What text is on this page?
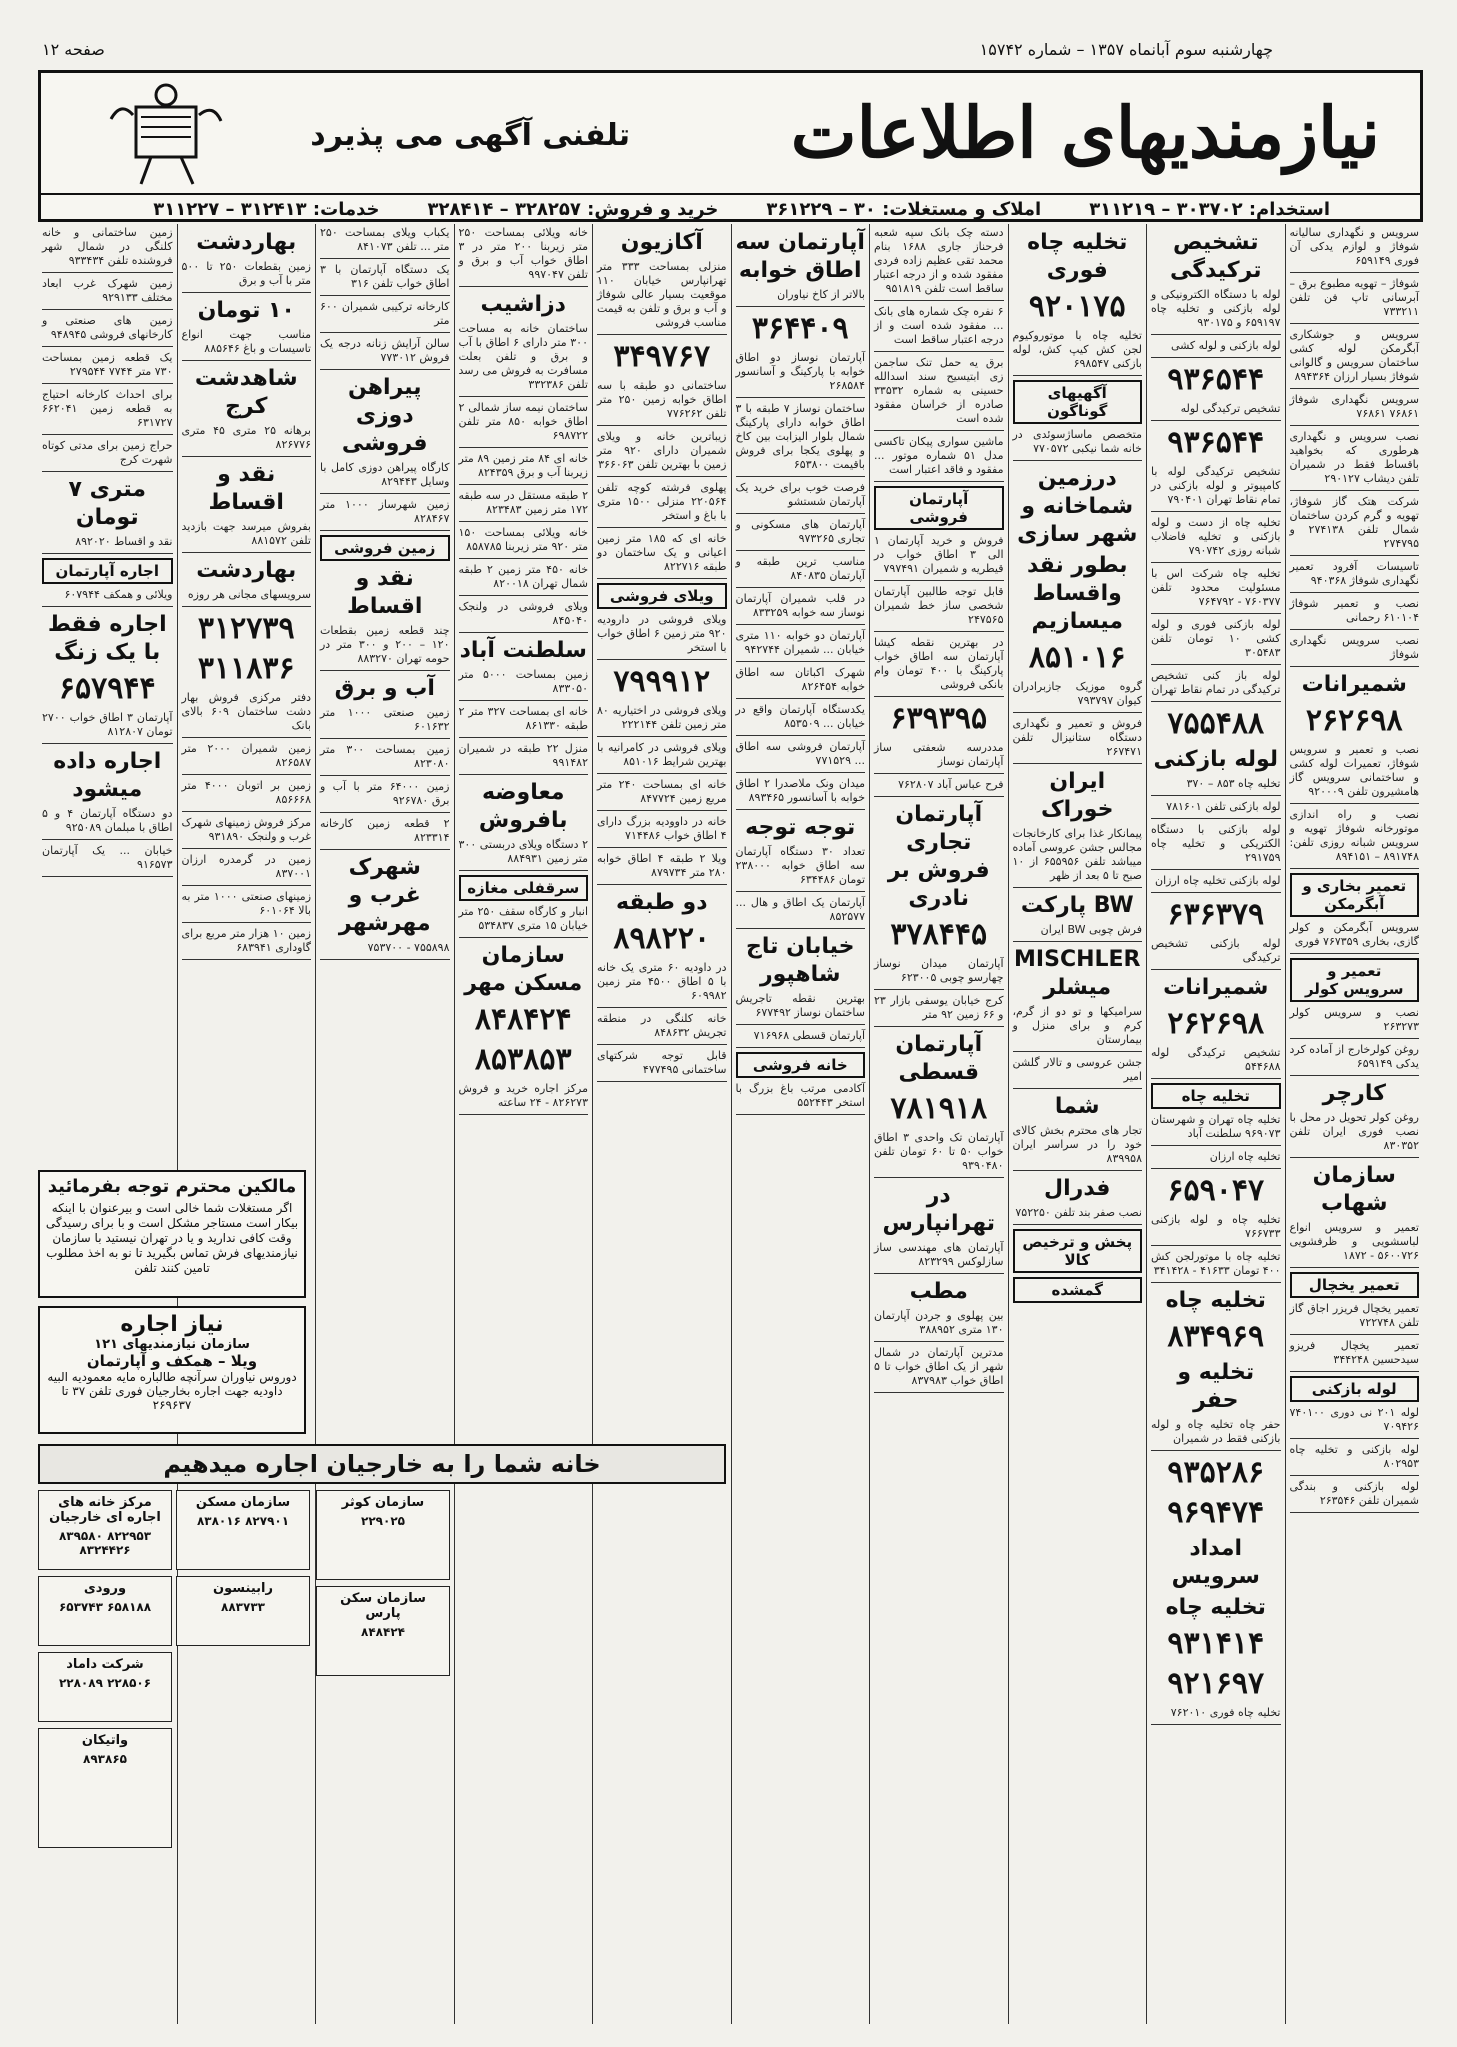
صفحه ۱۲	چهارشنبه سوم آبانماه ۱۳۵۷ – شماره ۱۵۷۴۲
نیازمندیهای اطلاعات
تلفنی آگهی می پذیرد
استخدام: ۳۰۳۷۰۲ – ۳۱۱۲۱۹
املاک و مستغلات: ۳۰ – ۳۶۱۲۲۹
خرید و فروش: ۳۲۸۲۵۷ – ۳۲۸۴۱۴
خدمات: ۳۱۲۴۱۳ – ۳۱۱۲۲۷
سرویس و نگهداری سالیانه شوفاژ و لوازم یدکی آن فوری ۶۵۹۱۴۹
شوفاژ – تهویه مطبوع برق – آبرسانی تاپ فن تلفن ۷۳۳۲۱۱
سرویس و جوشکاری آبگرمکن لوله کشی ساختمان سرویس و گالوانی شوفاژ بسیار ارزان ۸۹۴۳۶۴
سرویس نگهداری شوفاژ ۷۶۸۶۱ ۷۶۸۶۱
نصب سرویس و نگهداری هرطوری که بخواهید باقساط فقط در شمیران تلفن دیشاب ۲۹۰۱۲۷
شرکت هتک گاز شوفاژ، تهویه و گرم کردن ساختمان شمال تلفن ۲۷۴۱۳۸ و ۲۷۴۷۹۵
تاسیسات آفرود تعمیر نگهداری شوفاژ ۹۴۰۳۶۸
نصب و تعمیر شوفاژ ۶۱۰۱۰۴ رحمانی
نصب سرویس نگهداری شوفاژ
شمیرانات
۲۶۲۶۹۸
نصب و تعمیر و سرویس شوفاژ، تعمیرات لوله کشی و ساختمانی سرویس گاز هامشیرون تلفن ۹۲۰۰۰۹
نصب و راه اندازی موتورخانه شوفاژ تهویه و سرویس شبانه روزی تلفن: ۸۹۱۷۴۸ – ۸۹۴۱۵۱
تعمیر بخاری و آبگرمکن
سرویس آبگرمکن و کولر گازی، بخاری ۷۶۷۳۵۹ فوری
تعمیر و سرویس کولر
نصب و سرویس کولر ۲۶۳۲۷۳
روغن کولرخارج از آماده کرد یدکی ۶۵۹۱۴۹
کارچر
روغن کولر تحویل در محل با نصب فوری ایران تلفن ۸۳۰۳۵۲
سازمان شهاب
تعمیر و سرویس انواع لباسشویی و ظرفشویی ۵۶۰۰۷۲۶ - ۱۸۷۲
تعمیر یخچال
تعمیر یخچال فریزر اجاق گاز تلفن ۷۲۲۷۴۸
تعمیر یخچال فریزو سیدحسین ۳۴۴۲۴۸
لوله بازکنی
لوله ۲۰۱ نی دوری ۷۴۰۱۰۰ ۷۰۹۴۲۶
لوله بازکنی و تخلیه چاه ۸۰۲۹۵۳
لوله بازکنی و بندگی شمیران تلفن ۲۶۳۵۴۶
تشخیص ترکیدگی
لوله با دستگاه الکترونیکی و لوله بازکنی و تخلیه چاه ۶۵۹۱۹۷ و ۹۳۰۱۷۵
لوله بازکنی و لوله کشی
۹۳۶۵۴۴
تشخیص ترکیدگی لوله
۹۳۶۵۴۴
تشخیص ترکیدگی لوله با کامپیوتر و لوله بازکنی در تمام نقاط تهران ۷۹۰۴۰۱
تخلیه چاه از دست و لوله بازکنی و تخلیه فاضلاب شبانه روزی ۷۹۰۷۴۲
تخلیه چاه شرکت اس با مسئولیت محدود تلفن ۷۶۰۳۷۷ - ۷۶۴۷۹۲
لوله بازکنی فوری و لوله کشی ۱۰ تومان تلفن ۳۰۵۴۸۳
لوله باز کنی تشخیص ترکیدگی در تمام نقاط تهران
۷۵۵۴۸۸
لوله بازکنی
تخلیه چاه ۸۵۳ – ۳۷۰
لوله بازکنی تلفن ۷۸۱۶۰۱
لوله بازکنی با دستگاه الکتریکی و تخلیه چاه ۲۹۱۷۵۹
لوله بازکنی تخلیه چاه ارزان
۶۳۶۳۷۹
لوله بازکنی تشخیص ترکیدگی
شمیرانات
۲۶۲۶۹۸
تشخیص ترکیدگی لوله ۵۴۴۶۸۸
تخلیه چاه
تخلیه چاه تهران و شهرستان ۹۶۹۰۷۳ سلطنت آباد
تخلیه چاه ارزان
۶۵۹۰۴۷
تخلیه چاه و لوله بازکنی ۷۶۶۷۳۳
تخلیه چاه با موتورلجن کش ۴۰۰ تومان ۴۱۶۳۳ - ۳۴۱۴۲۸
تخلیه چاه
۸۳۴۹۶۹
تخلیه و حفر
حفر چاه تخلیه چاه و لوله بازکنی فقط در شمیران
۹۳۵۲۸۶
۹۶۹۴۷۴
امداد سرویس
تخلیه چاه
۹۳۱۴۱۴
۹۲۱۶۹۷
تخلیه چاه فوری ۷۶۲۰۱۰
تخلیه چاه فوری
۹۲۰۱۷۵
تخلیه چاه با موتوروکیوم لجن کش کیپ کش، لوله بازکنی ۶۹۸۵۴۷
آگهیهای گوناگون
متخصص ماساژسوئدی در خانه شما نیکبی ۷۷۰۵۷۲
درزمین شماخانه و شهر سازی
بطور نقد واقساط میسازیم
۸۵۱۰۱۶
گروه موزیک جازبرادران کیوان ۷۹۳۷۹۷
فروش و تعمیر و نگهداری دستگاه ستانیزال تلفن ۲۶۷۴۷۱
ایران خوراک
پیمانکار غذا برای کارخانجات مجالس جشن عروسی آماده میباشد تلفن ۶۵۵۹۵۶ از ۱۰ صبح تا ۵ بعد از ظهر
BW پارکت
فرش چوبی BW ایران
MISCHLER میشلر
سرامیکها و تو دو از گرم، کرم و برای منزل و بیمارستان
جشن عروسی و تالار گلشن امیر
شما
تجار های محترم بخش کالای خود را در سراسر ایران ۸۳۹۹۵۸
فدرال
نصب صفر بند تلفن ۷۵۲۲۵۰
پخش و ترخیص کالا
گمشده
دسته چک بانک سپه شعبه فرحناز جاری ۱۶۸۸ بنام محمد تقی عظیم زاده فردی مفقود شده و از درجه اعتبار ساقط است تلفن ۹۵۱۸۱۹
۶ نفره چک شماره های بانک ... مفقود شده است و از درجه اعتبار ساقط است
برق یه حمل تنک ساجمن زی ابتیسیح سند اسدالله حسینی به شماره ۳۳۵۳۲ صادره از خراسان مفقود شده است
ماشین سواری پیکان تاکسی مدل ۵۱ شماره موتور ... مفقود و فاقد اعتبار است
آپارتمان فروشی
فروش و خرید آپارتمان ۱ الی ۳ اطاق خواب در قیطریه و شمیران ۷۹۷۴۹۱
قابل توجه طالبین آپارتمان شخصی ساز خط شمیران ۲۴۷۵۶۵
در بهترین نقطه کیشا آپارتمان سه اطاق خواب پارکینگ با ۴۰۰ تومان وام بانکی فروشی
۶۳۹۳۹۵
مددرسه شعفتی ساز آپارتمان نوساز
فرح عباس آباد ۷۶۲۸۰۷
آپارتمان تجاری فروش بر نادری
۳۷۸۴۴۵
آپارتمان میدان نوساز چهارسو چوبی ۶۲۳۰۰۵
کرج خیابان یوسفی بازار ۲۳ و ۶۶ زمین ۹۲ متر
آپارتمان قسطی
۷۸۱۹۱۸
آپارتمان تک واحدی ۳ اطاق خواب ۵۰ تا ۶۰ تومان تلفن ۹۳۹۰۴۸۰
در تهرانپارس
آپارتمان های مهندسی ساز سازلوکس ۸۲۳۲۹۹
مطب
بین پهلوی و جردن آپارتمان ۱۳۰ متری ۳۸۸۹۵۲
مدترین آپارتمان در شمال شهر از یک اطاق خواب تا ۵ اطاق خواب ۸۳۷۹۸۳
آپارتمان سه اطاق خوابه
بالاتر از کاخ نیاوران
۳۶۴۴۰۹
آپارتمان نوساز دو اطاق خوابه با پارکینگ و آسانسور ۲۶۸۵۸۴
ساختمان نوساز ۷ طبقه با ۳ اطاق خوابه دارای پارکینگ شمال بلوار الیزابت بین کاخ و پهلوی یکجا برای فروش باقیمت ۶۵۳۸۰۰
فرصت خوب برای خرید یک آپارتمان شستشو
آپارتمان های مسکونی و تجاری ۹۷۳۲۶۵
مناسب ترین طبقه و آپارتمان ۸۴۰۸۳۵
در قلب شمیران آپارتمان نوساز سه خوابه ۸۳۳۲۵۹
آپارتمان دو خوابه ۱۱۰ متری خیابان ... شمیران ۹۴۲۷۴۴
شهرک اکباتان سه اطاق خوابه ۸۲۶۴۵۴
یکدستگاه آپارتمان واقع در خیابان ... ۸۵۳۵۰۹
آپارتمان فروشی سه اطاق ... ۷۷۱۵۲۹
میدان ونک ملاصدرا ۲ اطاق خوابه با آسانسور ۸۹۳۴۶۵
توجه توجه
تعداد ۳۰ دستگاه آپارتمان سه اطاق خوابه ۲۳۸۰۰۰ تومان ۶۳۴۴۸۶
آپارتمان یک اطاق و هال ... ۸۵۲۵۷۷
خیابان تاج شاهپور
بهترین نقطه تاجریش ساختمان نوساز ۶۷۷۴۹۲
آپارتمان قسطی ۷۱۶۹۶۸
خانه فروشی
آکادمی مرتب باغ بزرگ با استخر ۵۵۲۴۴۳
آکازیون
منزلی بمساحت ۳۳۳ متر تهرانپارس خیابان ۱۱۰ موقعیت بسیار عالی شوفاژ و آب و برق و تلفن به قیمت مناسب فروشی
۳۴۹۷۶۷
ساختمانی دو طبقه با سه اطاق خوابه زمین ۲۵۰ متر تلفن ۷۷۶۲۶۲
زیباترین خانه و ویلای شمیران دارای ۹۲۰ متر زمین با بهترین تلفن ۳۶۶۰۶۳
پهلوی فرشته کوچه تلفن ۲۲۰۵۶۴ منزلی ۱۵۰۰ متری با باغ و استخر
خانه ای که ۱۸۵ متر زمین اعیانی و یک ساختمان دو طبقه ۸۲۲۷۱۶
ویلای فروشی
ویلای فروشی در دارودیه ۹۲۰ متر زمین ۶ اطاق خواب با استخر
۷۹۹۹۱۲
ویلای فروشی در اختیاریه ۸۰ متر زمین تلفن ۲۲۲۱۴۴
ویلای فروشی در کامرانیه با بهترین شرایط ۸۵۱۰۱۶
خانه ای بمساحت ۲۴۰ متر مربع زمین ۸۴۷۷۲۴
خانه در داوودیه بزرگ دارای ۴ اطاق خواب ۷۱۴۴۸۶
ویلا ۲ طبقه ۴ اطاق خوابه ۲۸۰ متر ۸۷۹۷۳۴
دو طبقه
۸۹۸۲۲۰
در داودیه ۶۰ متری یک خانه با ۵ اطاق ۴۵۰۰ متر زمین ۶۰۹۹۸۲
خانه کلنگی در منطقه تجریش ۸۴۸۶۳۲
قابل توجه شرکتهای ساختمانی ۴۷۷۴۹۵
خانه ویلائی بمساحت ۲۵۰ متر زیربنا ۲۰۰ متر در ۳ اطاق خواب آب و برق و تلفن ۹۹۷۰۴۷
دزاشیب
ساختمان خانه به مساحت ۳۰۰ متر دارای ۶ اطاق با آب و برق و تلفن بعلت مسافرت به فروش می رسد تلفن ۳۳۲۳۸۶
ساختمان نیمه ساز شمالی ۲ اطاق خوابه ۸۵۰ متر تلفن ۶۹۸۷۲۲
خانه ای ۸۴ متر زمین ۸۹ متر زیربنا آب و برق ۸۲۴۳۵۹
۲ طبقه مستقل در سه طبقه ۱۷۲ متر زمین ۸۲۳۴۸۳
خانه ویلائی بمساحت ۱۵۰ متر ۹۲۰ متر زیربنا ۸۵۸۷۸۵
خانه ۴۵۰ متر زمین ۲ طبقه شمال تهران ۸۲۰۰۱۸
ویلای فروشی در ولنجک ۸۴۵۰۴۰
سلطنت آباد
زمین بمساحت ۵۰۰۰ متر ۸۳۳۰۵۰
خانه ای بمساحت ۳۲۷ متر ۲ طبقه ۸۶۱۳۳۰
منزل ۲۲ طبقه در شمیران ۹۹۱۴۸۲
معاوضه بافروش
۲ دستگاه ویلای دربستی ۳۰۰ متر زمین ۸۸۴۹۳۱
سرقفلی مغازه
انبار و کارگاه سقف ۲۵۰ متر خیابان ۱۵ متری ۵۳۴۸۳۷
سازمان مسکن مهر
۸۴۸۴۲۴
۸۵۳۸۵۳
مرکز اجاره خرید و فروش ۸۲۶۲۷۳ - ۲۴ ساعته
یکباب ویلای بمساحت ۲۵۰ متر ... تلفن ۸۴۱۰۷۳
یک دستگاه آپارتمان با ۳ اطاق خواب تلفن ۳۱۶
کارخانه ترکیبی شمیران ۶۰۰ متر
سالن آرایش زنانه درجه یک فروش ۷۷۳۰۱۲
پیراهن دوزی فروشی
کارگاه پیراهن دوزی کامل با وسایل ۸۲۹۴۴۳
زمین شهرساز ۱۰۰۰ متر ۸۲۸۴۶۷
زمین فروشی
نقد و اقساط
چند قطعه زمین بقطعات ۱۲۰ – ۲۰۰ و ۳۰۰ متر در حومه تهران ۸۸۳۲۷۰
آب و برق
زمین صنعتی ۱۰۰۰ متر ۶۰۱۶۳۲
زمین بمساحت ۳۰۰ متر ۸۲۳۰۸۰
زمین ۶۴۰۰۰ متر با آب و برق ۹۲۶۷۸۰
۲ قطعه زمین کارخانه ۸۲۳۳۱۴
شهرک غرب و مهرشهر
۷۵۵۸۹۸ - ۷۵۳۷۰۰
بهاردشت
زمین بقطعات ۲۵۰ تا ۵۰۰ متر با آب و برق
۱۰ تومان
مناسب جهت انواع تاسیسات و باغ ۸۸۵۶۴۶
شاهدشت کرج
برهانه ۲۵ متری ۴۵ متری ۸۲۶۷۷۶
نقد و اقساط
بفروش میرسد جهت بازدید تلفن ۸۸۱۵۷۲
بهاردشت
سرویسهای مجانی هر روزه
۳۱۲۷۳۹
۳۱۱۸۳۶
دفتر مرکزی فروش بهار دشت ساختمان ۶۰۹ بالای بانک
زمین شمیران ۲۰۰۰ متر ۸۲۶۵۸۷
زمین بر اتوبان ۴۰۰۰ متر ۸۵۶۶۶۸
مرکز فروش زمینهای شهرک غرب و ولنجک ۹۳۱۸۹۰
زمین در گرمدره ارزان ۸۳۷۰۰۱
زمینهای صنعتی ۱۰۰۰ متر به بالا ۶۰۱۰۶۴
زمین ۱۰ هزار متر مربع برای گاوداری ۶۸۳۹۴۱
زمین ساختمانی و خانه کلنگی در شمال شهر فروشنده تلفن ۹۳۳۴۳۴
زمین شهرک غرب ابعاد مختلف ۹۲۹۱۳۳
زمین های صنعتی و کارخانهای فروشی ۹۴۸۹۴۵
یک قطعه زمین بمساحت ۷۳۰ متر ۷۷۴۴ ۲۷۹۵۴۴
برای احداث کارخانه احتیاج به قطعه زمین ۶۶۲۰۴۱ ۶۳۱۷۲۷
حراج زمین برای مدتی کوتاه شهرت کرج
متری ۷ تومان
نقد و اقساط ۸۹۲۰۲۰
اجاره آپارتمان
ویلائی و همکف ۶۰۷۹۴۴
اجاره فقط با یک زنگ
۶۵۷۹۴۴
آپارتمان ۳ اطاق خواب ۲۷۰۰ تومان ۸۱۲۸۰۷
اجاره داده میشود
دو دستگاه آپارتمان ۴ و ۵ اطاق با مبلمان ۹۲۵۰۸۹
خیابان ... یک آپارتمان ۹۱۶۵۷۳
مالکین محترم توجه بفرمائید
اگر مستغلات شما خالی است و بیرعنوان با اینکه بیکار است مستاجر مشکل است و با برای رسیدگی وقت کافی ندارید و یا در تهران نیستید با سازمان نیازمندیهای فرش تماس بگیرید تا نو به اخذ مطلوب تامین کنند تلفن
نیاز اجاره
سازمان نیازمندیهای ۱۲۱
ویلا – همکف و آپارتمان
دوروس نیاوران سرآنچه طالباره مایه معمودیه البیه داودیه جهت اجاره بخارجیان فوری تلفن ۳۷ تا ۲۶۹۶۳۷
خانه شما را به خارجیان اجاره میدهیم
مرکز خانه های اجاره ای خارجیان
۸۲۲۹۵۳ ۸۳۹۵۸۰ ۸۳۲۴۴۲۶
ورودی
۶۵۸۱۸۸ ۶۵۳۷۴۳
شرکت داماد
۲۲۸۵۰۶ ۲۲۸۰۸۹
واتیکان
۸۹۳۸۶۵
سازمان مسکن
۸۲۷۹۰۱ ۸۳۸۰۱۶
رابینسون
۸۸۳۷۳۳
سازمان کوثر
۲۲۹۰۲۵
سازمان سکن پارس
۸۴۸۴۲۴
